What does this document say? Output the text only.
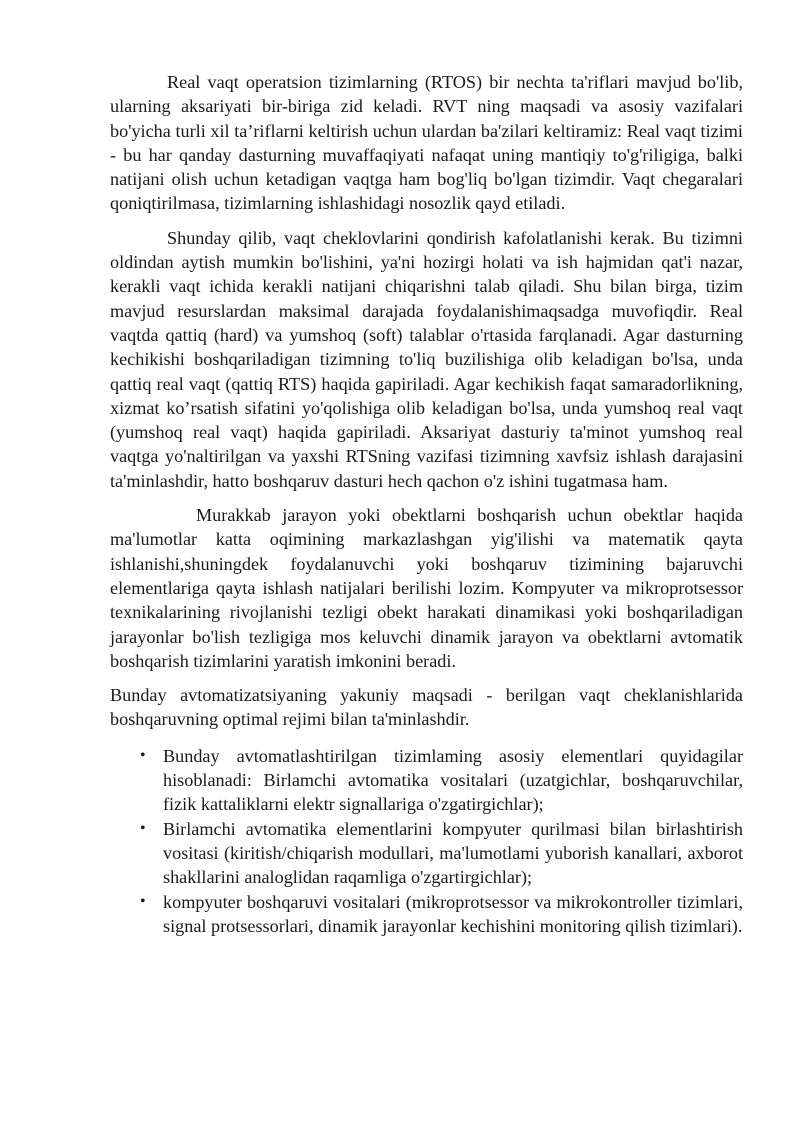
Real vaqt operatsion tizimlarning (RTOS) bir nechta ta'riflari mavjud bo'lib, ularning aksariyati bir-biriga zid keladi. RVT ning maqsadi va asosiy vazifalari bo'yicha turli xil ta’riflarni keltirish uchun ulardan ba'zilari keltiramiz: Real vaqt tizimi - bu har qanday dasturning muvaffaqiyati nafaqat uning mantiqiy to'g'riligiga, balki natijani olish uchun ketadigan vaqtga ham bog'liq bo'lgan tizimdir. Vaqt chegaralari qoniqtirilmasa, tizimlarning ishlashidagi nosozlik qayd etiladi.

Shunday qilib, vaqt cheklovlarini qondirish kafolatlanishi kerak. Bu tizimni oldindan aytish mumkin bo'lishini, ya'ni hozirgi holati va ish hajmidan qat'i nazar, kerakli vaqt ichida kerakli natijani chiqarishni talab qiladi. Shu bilan birga, tizim mavjud resurslardan maksimal darajada foydalanishimaqsadga muvofiqdir. Real vaqtda qattiq (hard) va yumshoq (soft) talablar o'rtasida farqlanadi. Agar dasturning kechikishi boshqariladigan tizimning to'liq buzilishiga olib keladigan bo'lsa, unda qattiq real vaqt (qattiq RTS) haqida gapiriladi. Agar kechikish faqat samaradorlikning, xizmat ko’rsatish sifatini yo'qolishiga olib keladigan bo'lsa, unda yumshoq real vaqt (yumshoq real vaqt) haqida gapiriladi. Aksariyat dasturiy ta'minot yumshoq real vaqtga yo'naltirilgan va yaxshi RTSning vazifasi tizimning xavfsiz ishlash darajasini ta'minlashdir, hatto boshqaruv dasturi hech qachon o'z ishini tugatmasa ham.

Murakkab jarayon yoki obektlarni boshqarish uchun obektlar haqida ma'lumotlar katta oqimining markazlashgan yig'ilishi va matematik qayta ishlanishi,shuningdek foydalanuvchi yoki boshqaruv tizimining bajaruvchi elementlariga qayta ishlash natijalari berilishi lozim. Kompyuter va mikroprotsessor texnikalarining rivojlanishi tezligi obekt harakati dinamikasi yoki boshqariladigan jarayonlar bo'lish tezligiga mos keluvchi dinamik jarayon va obektlarni avtomatik boshqarish tizimlarini yaratish imkonini beradi.

Bunday avtomatizatsiyaning yakuniy maqsadi - berilgan vaqt cheklanishlarida boshqaruvning optimal rejimi bilan ta'minlashdir.

• Bunday avtomatlashtirilgan tizimlaming asosiy elementlari quyidagilar hisoblanadi: Birlamchi avtomatika vositalari (uzatgichlar, boshqaruvchilar, fizik kattaliklarni elektr signallariga o'zgatirgichlar);
• Birlamchi avtomatika elementlarini kompyuter qurilmasi bilan birlashtirish vositasi (kiritish/chiqarish modullari, ma'lumotlami yuborish kanallari, axborot shakllarini analoglidan raqamliga o'zgartirgichlar);
• kompyuter boshqaruvi vositalari (mikroprotsessor va mikrokontroller tizimlari, signal protsessorlari, dinamik jarayonlar kechishini monitoring qilish tizimlari).
